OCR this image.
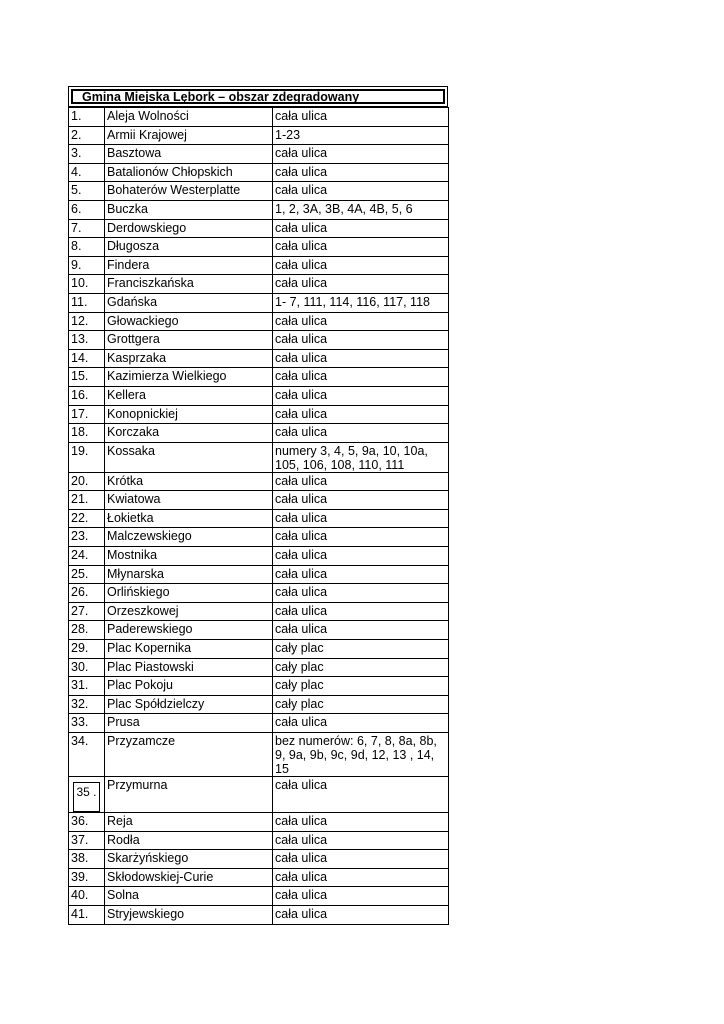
Gmina Miejska Lębork – obszar zdegradowany
1.	Aleja Wolności	cała ulica
2.	Armii Krajowej	1-23
3.	Basztowa	cała ulica
4.	Batalionów Chłopskich	cała ulica
5.	Bohaterów Westerplatte	cała ulica
6.	Buczka	1, 2, 3A, 3B, 4A, 4B, 5, 6
7.	Derdowskiego	cała ulica
8.	Długosza	cała ulica
9.	Findera	cała ulica
10.	Franciszkańska	cała ulica
11.	Gdańska	1- 7, 111, 114, 116, 117, 118
12.	Głowackiego	cała ulica
13.	Grottgera	cała ulica
14.	Kasprzaka	cała ulica
15.	Kazimierza Wielkiego	cała ulica
16.	Kellera	cała ulica
17.	Konopnickiej	cała ulica
18.	Korczaka	cała ulica
19.	Kossaka	numery 3, 4, 5, 9a, 10, 10a, 105, 106, 108, 110, 111
20.	Krótka	cała ulica
21.	Kwiatowa	cała ulica
22.	Łokietka	cała ulica
23.	Malczewskiego	cała ulica
24.	Mostnika	cała ulica
25.	Młynarska	cała ulica
26.	Orlińskiego	cała ulica
27.	Orzeszkowej	cała ulica
28.	Paderewskiego	cała ulica
29.	Plac Kopernika	cały plac
30.	Plac Piastowski	cały plac
31.	Plac Pokoju	cały plac
32.	Plac Spółdzielczy	cały plac
33.	Prusa	cała ulica
34.	Przyzamcze	bez numerów: 6, 7, 8, 8a, 8b, 9, 9a, 9b, 9c, 9d, 12, 13 , 14, 15
35 .	Przymurna	cała ulica
36.	Reja	cała ulica
37.	Rodła	cała ulica
38.	Skarżyńskiego	cała ulica
39.	Skłodowskiej-Curie	cała ulica
40.	Solna	cała ulica
41.	Stryjewskiego	cała ulica
